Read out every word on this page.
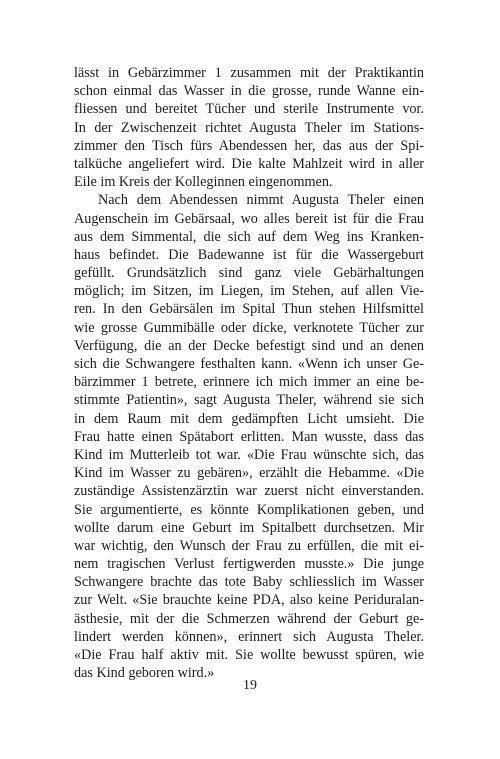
lässt in Gebärzimmer 1 zusammen mit der Praktikantin
schon einmal das Wasser in die grosse, runde Wanne ein-
fliessen und bereitet Tücher und sterile Instrumente vor.
In der Zwischenzeit richtet Augusta Theler im Stations-
zimmer den Tisch fürs Abendessen her, das aus der Spi-
talküche angeliefert wird. Die kalte Mahlzeit wird in aller
Eile im Kreis der Kolleginnen eingenommen.
Nach dem Abendessen nimmt Augusta Theler einen
Augenschein im Gebärsaal, wo alles bereit ist für die Frau
aus dem Simmental, die sich auf dem Weg ins Kranken-
haus befindet. Die Badewanne ist für die Wassergeburt
gefüllt. Grundsätzlich sind ganz viele Gebärhaltungen
möglich; im Sitzen, im Liegen, im Stehen, auf allen Vie-
ren. In den Gebärsälen im Spital Thun stehen Hilfsmittel
wie grosse Gummibälle oder dicke, verknotete Tücher zur
Verfügung, die an der Decke befestigt sind und an denen
sich die Schwangere festhalten kann. «Wenn ich unser Ge-
bärzimmer 1 betrete, erinnere ich mich immer an eine be-
stimmte Patientin», sagt Augusta Theler, während sie sich
in dem Raum mit dem gedämpften Licht umsieht. Die
Frau hatte einen Spätabort erlitten. Man wusste, dass das
Kind im Mutterleib tot war. «Die Frau wünschte sich, das
Kind im Wasser zu gebären», erzählt die Hebamme. «Die
zuständige Assistenzärztin war zuerst nicht einverstanden.
Sie argumentierte, es könnte Komplikationen geben, und
wollte darum eine Geburt im Spitalbett durchsetzen. Mir
war wichtig, den Wunsch der Frau zu erfüllen, die mit ei-
nem tragischen Verlust fertigwerden musste.» Die junge
Schwangere brachte das tote Baby schliesslich im Wasser
zur Welt. «Sie brauchte keine PDA, also keine Periduralan-
ästhesie, mit der die Schmerzen während der Geburt ge-
lindert werden können», erinnert sich Augusta Theler.
«Die Frau half aktiv mit. Sie wollte bewusst spüren, wie
das Kind geboren wird.»
19
